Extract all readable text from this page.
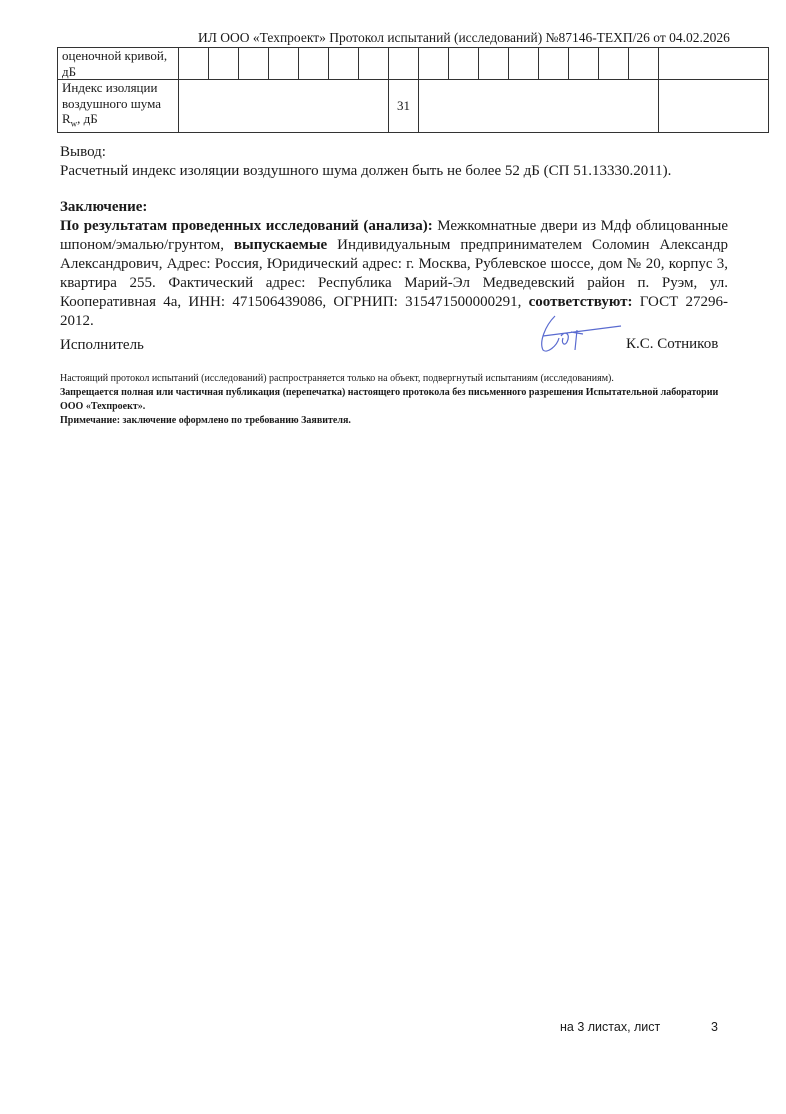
ИЛ ООО «Техпроект» Протокол испытаний (исследований) №87146-ТЕХП/26 от 04.02.2026
оценочной кривой, дБ																	
Индекс изоляции воздушного шума $R_w$, дБ								31									
Вывод:
Расчетный индекс изоляции воздушного шума должен быть не более 52 дБ (СП 51.13330.2011).
Заключение:
По результатам проведенных исследований (анализа): Межкомнатные двери из Мдф облицованные шпоном/эмалью/грунтом, выпускаемые Индивидуальным предпринимателем Соломин Александр Александрович, Адрес: Россия, Юридический адрес: г. Москва, Рублевское шоссе, дом № 20, корпус 3, квартира 255. Фактический адрес: Республика Марий-Эл Медведевский район п. Руэм, ул. Кооперативная 4а, ИНН: 471506439086, ОГРНИП: 315471500000291, соответствуют: ГОСТ 27296-2012.
Исполнитель	К.С. Сотников
Настоящий протокол испытаний (исследований) распространяется только на объект, подвергнутый испытаниям (исследованиям).
Запрещается полная или частичная публикация (перепечатка) настоящего протокола без письменного разрешения Испытательной лаборатории ООО «Техпроект».
Примечание: заключение оформлено по требованию Заявителя.
на 3 листах, лист	3
